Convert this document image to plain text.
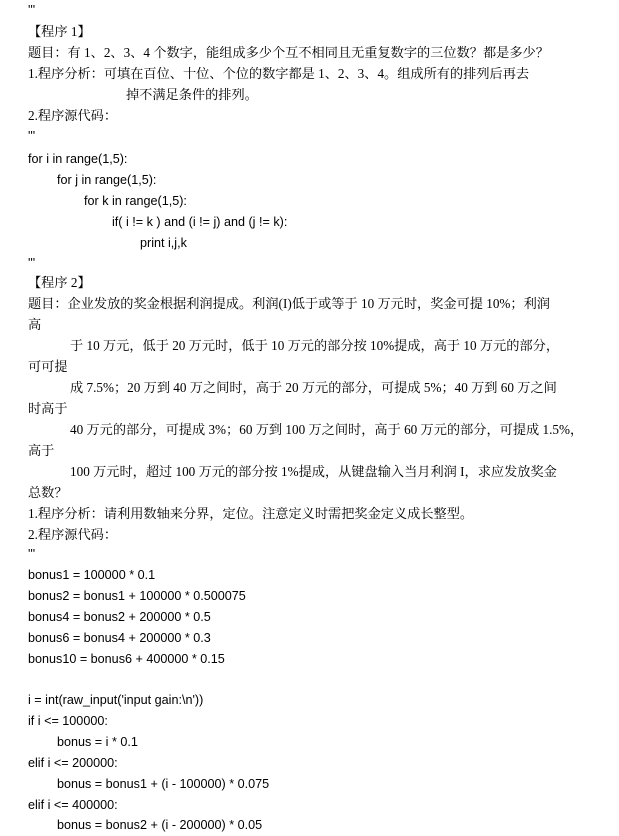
'''
【程序 1】
题目：有 1、2、3、4 个数字，能组成多少个互不相同且无重复数字的三位数？都是多少？
1.程序分析：可填在百位、十位、个位的数字都是 1、2、3、4。组成所有的排列后再去
掉不满足条件的排列。
2.程序源代码：
'''
for i in range(1,5):
for j in range(1,5):
for k in range(1,5):
if( i != k ) and (i != j) and (j != k):
print i,j,k
'''
【程序 2】
题目：企业发放的奖金根据利润提成。利润(I)低于或等于 10 万元时，奖金可提 10%；利润
高
于 10 万元，低于 20 万元时，低于 10 万元的部分按 10%提成，高于 10 万元的部分，
可可提
成 7.5%；20 万到 40 万之间时，高于 20 万元的部分，可提成 5%；40 万到 60 万之间
时高于
40 万元的部分，可提成 3%；60 万到 100 万之间时，高于 60 万元的部分，可提成 1.5%，
高于
100 万元时，超过 100 万元的部分按 1%提成，从键盘输入当月利润 I，求应发放奖金
总数？
1.程序分析：请利用数轴来分界，定位。注意定义时需把奖金定义成长整型。
2.程序源代码：
'''
bonus1 = 100000 * 0.1
bonus2 = bonus1 + 100000 * 0.500075
bonus4 = bonus2 + 200000 * 0.5
bonus6 = bonus4 + 200000 * 0.3
bonus10 = bonus6 + 400000 * 0.15
i = int(raw_input('input gain:\n'))
if i <= 100000:
bonus = i * 0.1
elif i <= 200000:
bonus = bonus1 + (i - 100000) * 0.075
elif i <= 400000:
bonus = bonus2 + (i - 200000) * 0.05
